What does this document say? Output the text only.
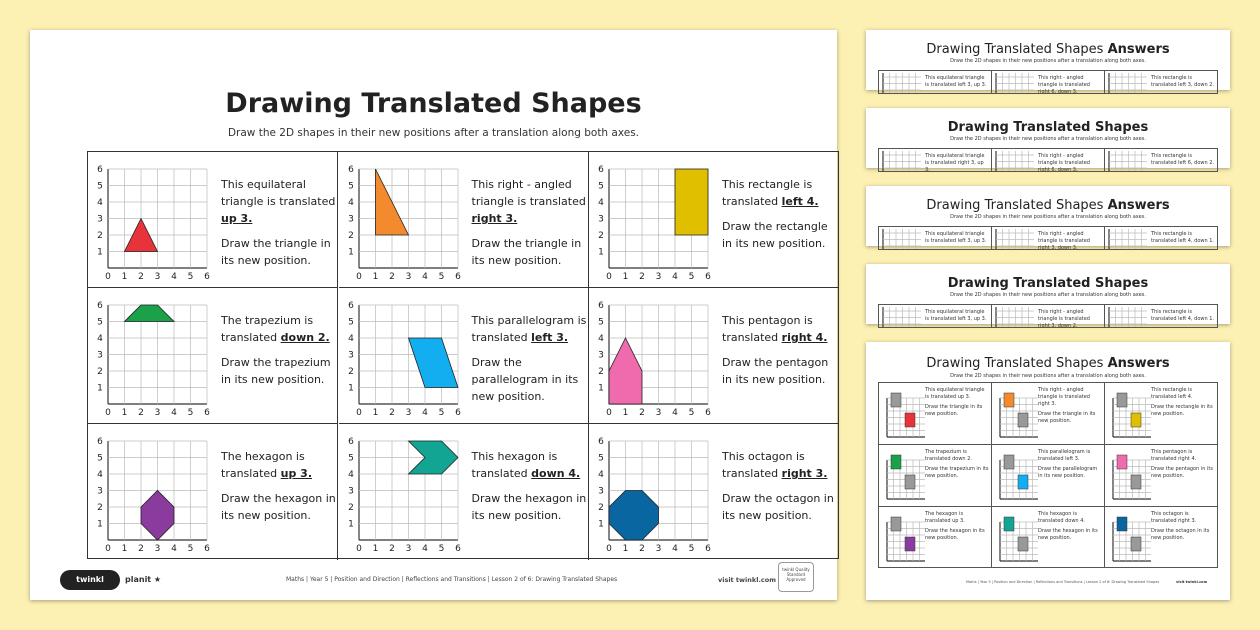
Drawing Translated Shapes
Draw the 2D shapes in their new positions after a translation along both axes.
0 1
1
2
2
3
3
4
4
5
5
6
6

This equilateral triangle is translated up 3.

Draw the triangle in its new position.

0 1
1
2
2
3
3
4
4
5
5
6
6

This right - angled triangle is translated right 3.

Draw the triangle in its new position.

0 1
1
2
2
3
3
4
4
5
5
6
6

This rectangle is translated left 4.

Draw the rectangle in its new position.

0 1
1
2
2
3
3
4
4
5
5
6
6

The trapezium is translated down 2.

Draw the trapezium in its new position.

0 1
1
2
2
3
3
4
4
5
5
6
6

This parallelogram is translated left 3.

Draw the parallelogram in its new position.

0 1
1
2
2
3
3
4
4
5
5
6
6

This pentagon is translated right 4.

Draw the pentagon in its new position.

0 1
1
2
2
3
3
4
4
5
5
6
6

The hexagon is translated up 3.

Draw the hexagon in its new position.

0 1
1
2
2
3
3
4
4
5
5
6
6

This hexagon is translated down 4.

Draw the hexagon in its new position.

0 1
1
2
2
3
3
4
4
5
5
6
6

This octagon is translated right 3.

Draw the octagon in its new position.

twinkl	planit ★	Maths | Year 5 | Position and Direction | Reflections and Transitions | Lesson 2 of 6: Drawing Translated Shapes	visit twinkl.com
twinkl Quality Standard Approved
Drawing Translated Shapes Answers
Draw the 2D shapes in their new positions after a translation along both axes.
This equilateral triangle is translated left 3, up 3.
This right - angled triangle is translated right 6, down 3.
This rectangle is translated left 3, down 2.
Drawing Translated Shapes
Draw the 2D shapes in their new positions after a translation along both axes.
This equilateral triangle is translated right 3, up 3.
This right - angled triangle is translated right 6, down 3.
This rectangle is translated left 6, down 2.
Drawing Translated Shapes Answers
Draw the 2D shapes in their new positions after a translation along both axes.
This equilateral triangle is translated left 3, up 3.
This right - angled triangle is translated right 3, down 3.
This rectangle is translated left 4, down 1.
Drawing Translated Shapes
Draw the 2D shapes in their new positions after a translation along both axes.
This equilateral triangle is translated left 3, up 3.
This right - angled triangle is translated right 3, down 2.
This rectangle is translated left 4, down 1.
Drawing Translated Shapes Answers
Draw the 2D shapes in their new positions after a translation along both axes.

This equilateral triangle is translated up 3.

Draw the triangle in its new position.

This right - angled triangle is translated right 3.

Draw the triangle in its new position.

This rectangle is translated left 4.

Draw the rectangle in its new position.

The trapezium is translated down 2.

Draw the trapezium in its new position.

This parallelogram is translated left 3.

Draw the parallelogram in its new position.

This pentagon is translated right 4.

Draw the pentagon in its new position.

The hexagon is translated up 3.

Draw the hexagon in its new position.

This hexagon is translated down 4.

Draw the hexagon in its new position.

This octagon is translated right 3.

Draw the octagon in its new position.

Maths | Year 5 | Position and Direction | Reflections and Transitions | Lesson 2 of 6: Drawing Translated Shapes	visit twinkl.com
